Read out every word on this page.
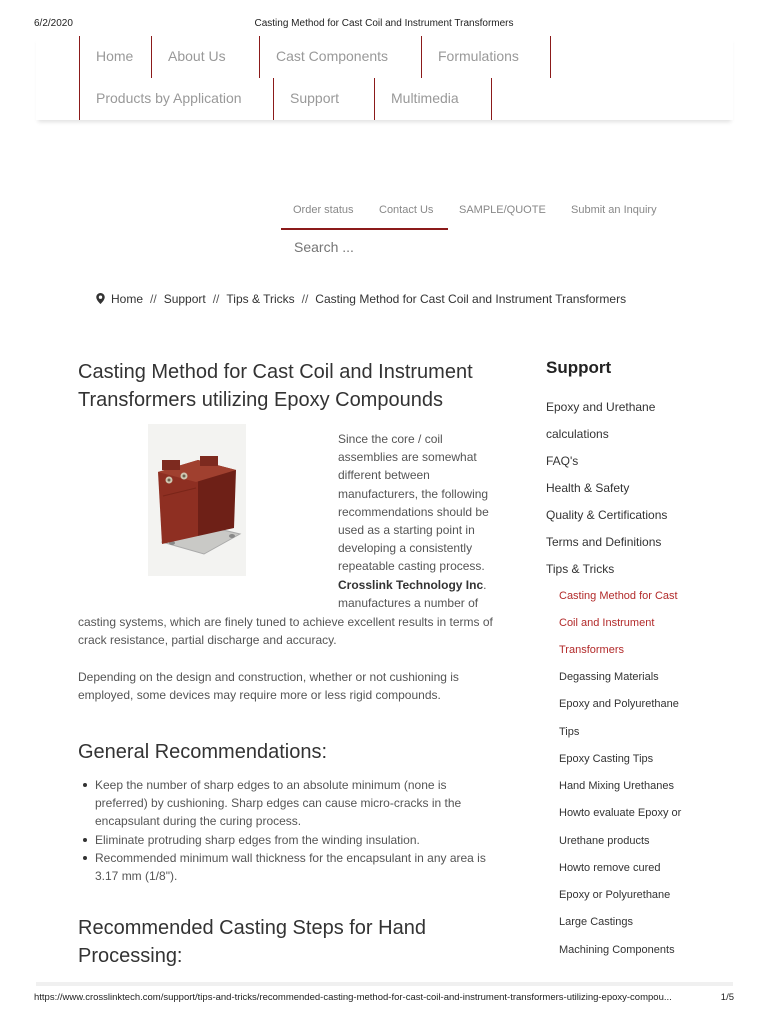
6/2/2020	Casting Method for Cast Coil and Instrument Transformers
Home	About Us	Cast Components	Formulations
Products by Application	Support	Multimedia
Order status Contact Us SAMPLE/QUOTE Submit an Inquiry
Search ...
Home // Support // Tips & Tricks // Casting Method for Cast Coil and Instrument Transformers
Casting Method for Cast Coil and Instrument
Transformers utilizing Epoxy Compounds

Since the core / coil assemblies are somewhat different between manufacturers, the following recommendations should be used as a starting point in developing a consistently repeatable casting process. Crosslink Technology Inc. manufactures a number of

casting systems, which are finely tuned to achieve excellent results in terms of crack resistance, partial discharge and accuracy.

Depending on the design and construction, whether or not cushioning is employed, some devices may require more or less rigid compounds.

General Recommendations:
Keep the number of sharp edges to an absolute minimum (none is preferred) by cushioning. Sharp edges can cause micro-cracks in the encapsulant during the curing process.
Eliminate protruding sharp edges from the winding insulation.
Recommended minimum wall thickness for the encapsulant in any area is 3.17 mm (1/8").
Recommended Casting Steps for Hand
Processing:
Support
Epoxy and Urethane
calculations
FAQ's
Health & Safety
Quality & Certifications
Terms and Definitions
Tips & Tricks
Casting Method for Cast
Coil and Instrument
Transformers
Degassing Materials
Epoxy and Polyurethane
Tips
Epoxy Casting Tips
Hand Mixing Urethanes
Howto evaluate Epoxy or
Urethane products
Howto remove cured
Epoxy or Polyurethane
Large Castings
Machining Components
https://www.crosslinktech.com/support/tips-and-tricks/recommended-casting-method-for-cast-coil-and-instrument-transformers-utilizing-epoxy-compou...	1/5
